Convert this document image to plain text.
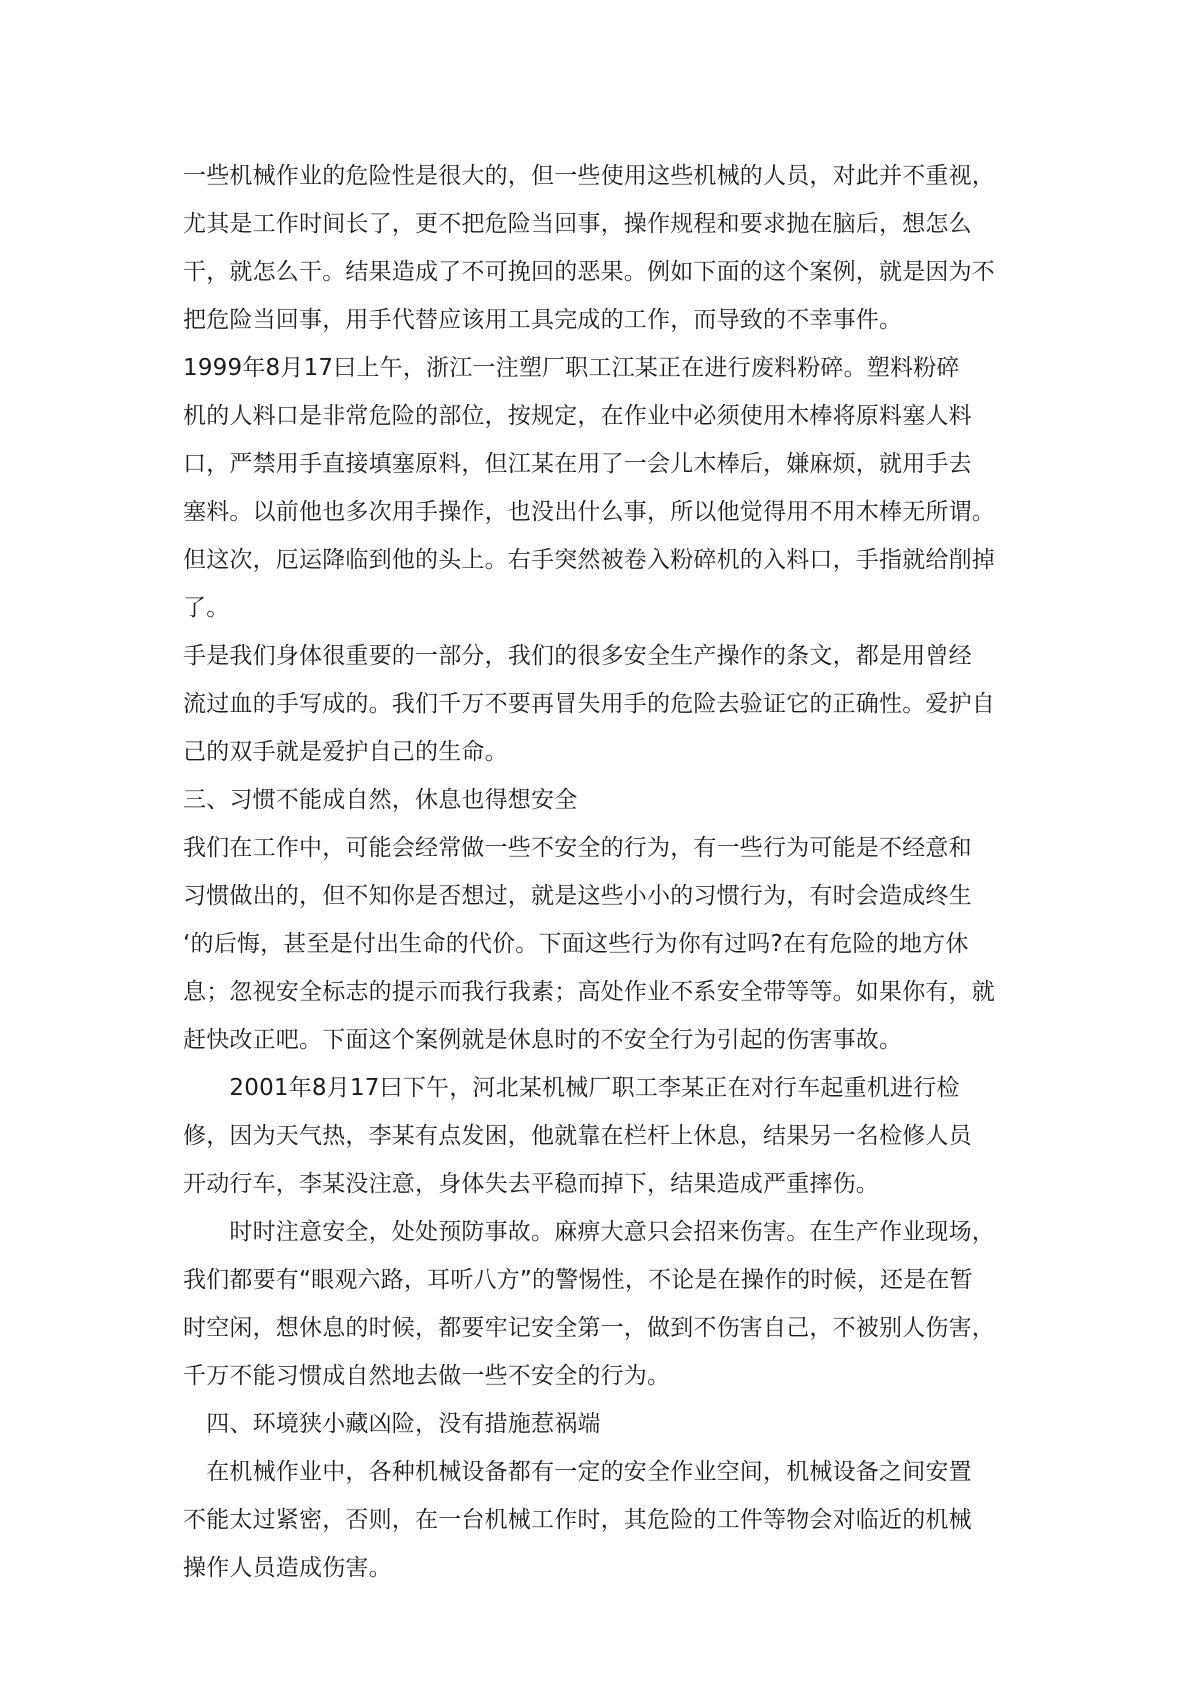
一些机械作业的危险性是很大的，但一些使用这些机械的人员，对此并不重视，
尤其是工作时间长了，更不把危险当回事，操作规程和要求抛在脑后，想怎么
干，就怎么干。结果造成了不可挽回的恶果。例如下面的这个案例，就是因为不
把危险当回事，用手代替应该用工具完成的工作，而导致的不幸事件。
1999年8月17曰上午，浙江一注塑厂职工江某正在进行废料粉碎。塑料粉碎
机的人料口是非常危险的部位，按规定，在作业中必须使用木棒将原料塞人料
口，严禁用手直接填塞原料，但江某在用了一会儿木棒后，嫌麻烦，就用手去
塞料。以前他也多次用手操作，也没出什么事，所以他觉得用不用木棒无所谓。
但这次，厄运降临到他的头上。右手突然被卷入粉碎机的入料口，手指就给削掉
了。
手是我们身体很重要的一部分，我们的很多安全生产操作的条文，都是用曾经
流过血的手写成的。我们千万不要再冒失用手的危险去验证它的正确性。爱护自
己的双手就是爱护自己的生命。
三、习惯不能成自然，休息也得想安全
我们在工作中，可能会经常做一些不安全的行为，有一些行为可能是不经意和
习惯做出的，但不知你是否想过，就是这些小小的习惯行为，有时会造成终生
‘的后悔，甚至是付出生命的代价。下面这些行为你有过吗?在有危险的地方休
息；忽视安全标志的提示而我行我素；高处作业不系安全带等等。如果你有，就
赶快改正吧。下面这个案例就是休息时的不安全行为引起的伤害事故。
　　2001年8月17曰下午，河北某机械厂职工李某正在对行车起重机进行检
修，因为天气热，李某有点发困，他就靠在栏杆上休息，结果另一名检修人员
开动行车，李某没注意，身体失去平稳而掉下，结果造成严重摔伤。
　　时时注意安全，处处预防事故。麻痹大意只会招来伤害。在生产作业现场，
我们都要有“眼观六路，耳听八方”的警惕性，不论是在操作的时候，还是在暂
时空闲，想休息的时候，都要牢记安全第一，做到不伤害自己，不被别人伤害，
千万不能习惯成自然地去做一些不安全的行为。
　四、环境狭小藏凶险，没有措施惹祸端
　在机械作业中，各种机械设备都有一定的安全作业空间，机械设备之间安置
不能太过紧密，否则，在一台机械工作时，其危险的工件等物会对临近的机械
操作人员造成伤害。
